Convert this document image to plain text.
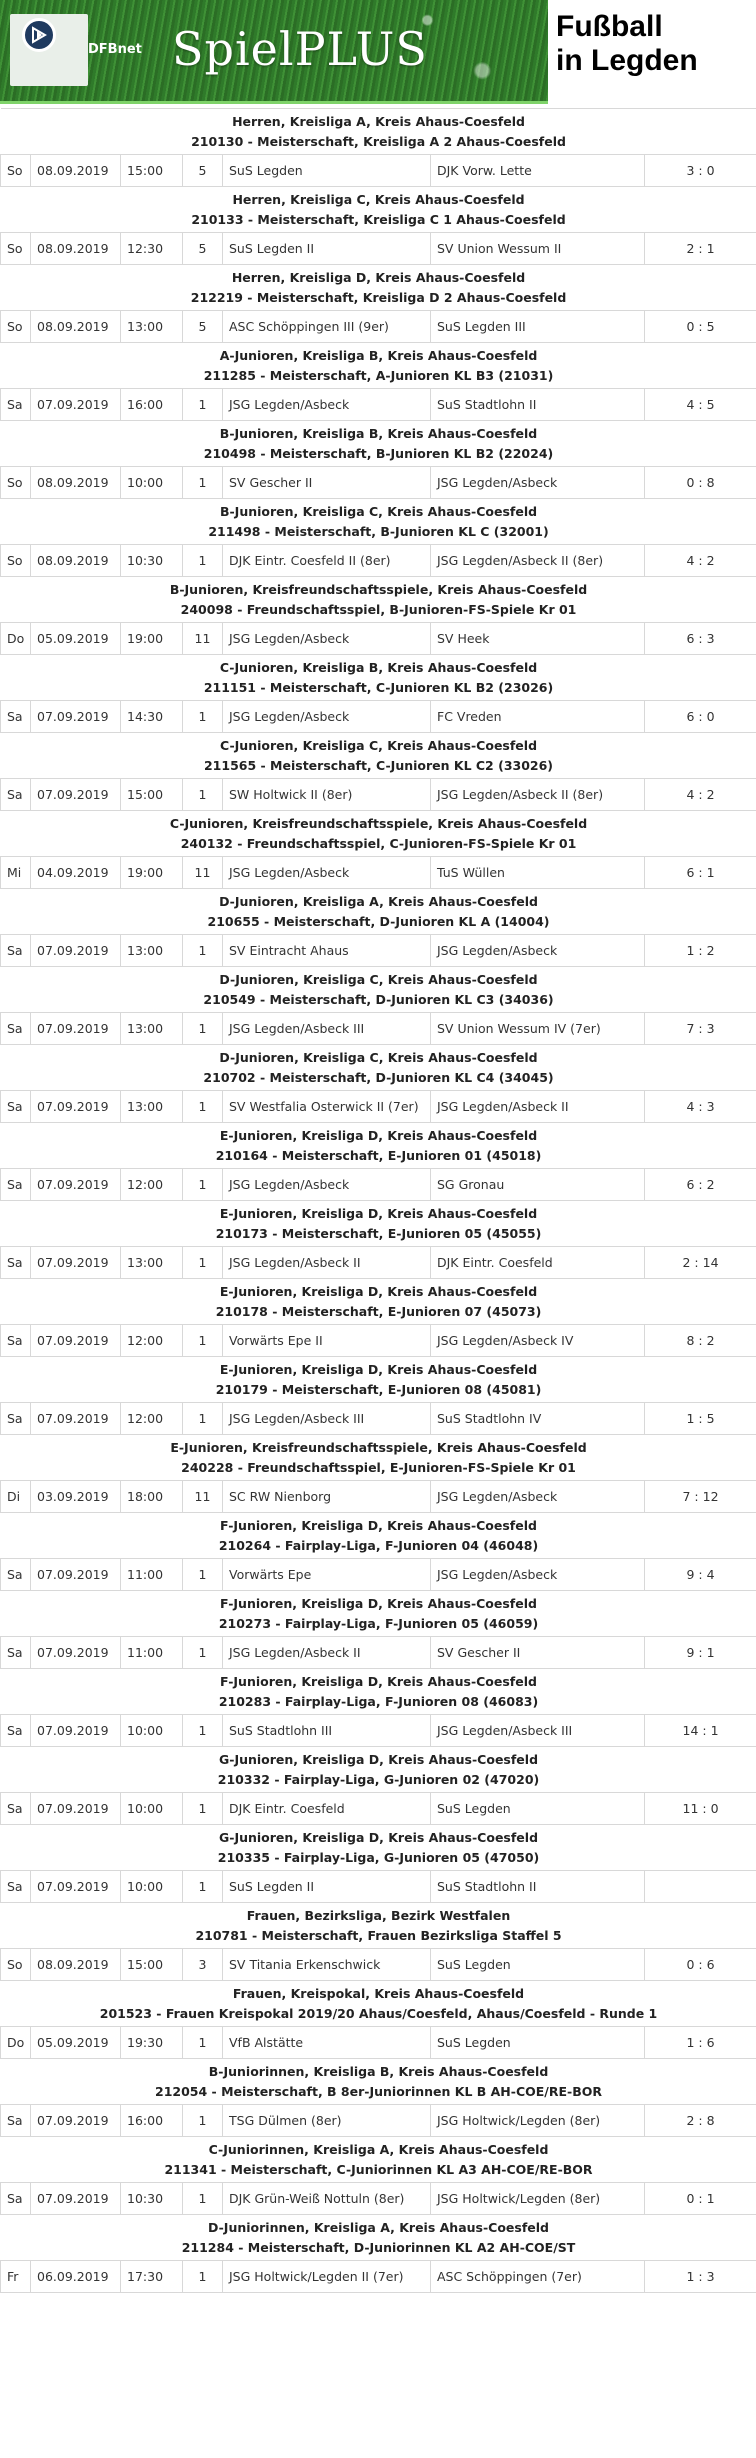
DFBnet SpielPLUS	Fußball
in Legden
Herren, Kreisliga A, Kreis Ahaus-Coesfeld
210130 - Meisterschaft, Kreisliga A 2 Ahaus-Coesfeld						

So	08.09.2019	15:00	5	SuS Legden	DJK Vorw. Lette	3 : 0

Herren, Kreisliga C, Kreis Ahaus-Coesfeld
210133 - Meisterschaft, Kreisliga C 1 Ahaus-Coesfeld						

So	08.09.2019	12:30	5	SuS Legden II	SV Union Wessum II	2 : 1

Herren, Kreisliga D, Kreis Ahaus-Coesfeld
212219 - Meisterschaft, Kreisliga D 2 Ahaus-Coesfeld						

So	08.09.2019	13:00	5	ASC Schöppingen III (9er)	SuS Legden III	0 : 5

A-Junioren, Kreisliga B, Kreis Ahaus-Coesfeld
211285 - Meisterschaft, A-Junioren KL B3 (21031)						

Sa	07.09.2019	16:00	1	JSG Legden/Asbeck	SuS Stadtlohn II	4 : 5

B-Junioren, Kreisliga B, Kreis Ahaus-Coesfeld
210498 - Meisterschaft, B-Junioren KL B2 (22024)						

So	08.09.2019	10:00	1	SV Gescher II	JSG Legden/Asbeck	0 : 8

B-Junioren, Kreisliga C, Kreis Ahaus-Coesfeld
211498 - Meisterschaft, B-Junioren KL C (32001)						

So	08.09.2019	10:30	1	DJK Eintr. Coesfeld II (8er)	JSG Legden/Asbeck II (8er)	4 : 2

B-Junioren, Kreisfreundschaftsspiele, Kreis Ahaus-Coesfeld
240098 - Freundschaftsspiel, B-Junioren-FS-Spiele Kr 01						

Do	05.09.2019	19:00	11	JSG Legden/Asbeck	SV Heek	6 : 3

C-Junioren, Kreisliga B, Kreis Ahaus-Coesfeld
211151 - Meisterschaft, C-Junioren KL B2 (23026)						

Sa	07.09.2019	14:30	1	JSG Legden/Asbeck	FC Vreden	6 : 0

C-Junioren, Kreisliga C, Kreis Ahaus-Coesfeld
211565 - Meisterschaft, C-Junioren KL C2 (33026)						

Sa	07.09.2019	15:00	1	SW Holtwick II (8er)	JSG Legden/Asbeck II (8er)	4 : 2

C-Junioren, Kreisfreundschaftsspiele, Kreis Ahaus-Coesfeld
240132 - Freundschaftsspiel, C-Junioren-FS-Spiele Kr 01						

Mi	04.09.2019	19:00	11	JSG Legden/Asbeck	TuS Wüllen	6 : 1

D-Junioren, Kreisliga A, Kreis Ahaus-Coesfeld
210655 - Meisterschaft, D-Junioren KL A (14004)						

Sa	07.09.2019	13:00	1	SV Eintracht Ahaus	JSG Legden/Asbeck	1 : 2

D-Junioren, Kreisliga C, Kreis Ahaus-Coesfeld
210549 - Meisterschaft, D-Junioren KL C3 (34036)						

Sa	07.09.2019	13:00	1	JSG Legden/Asbeck III	SV Union Wessum IV (7er)	7 : 3

D-Junioren, Kreisliga C, Kreis Ahaus-Coesfeld
210702 - Meisterschaft, D-Junioren KL C4 (34045)						

Sa	07.09.2019	13:00	1	SV Westfalia Osterwick II (7er)	JSG Legden/Asbeck II	4 : 3

E-Junioren, Kreisliga D, Kreis Ahaus-Coesfeld
210164 - Meisterschaft, E-Junioren 01 (45018)						

Sa	07.09.2019	12:00	1	JSG Legden/Asbeck	SG Gronau	6 : 2

E-Junioren, Kreisliga D, Kreis Ahaus-Coesfeld
210173 - Meisterschaft, E-Junioren 05 (45055)						

Sa	07.09.2019	13:00	1	JSG Legden/Asbeck II	DJK Eintr. Coesfeld	2 : 14

E-Junioren, Kreisliga D, Kreis Ahaus-Coesfeld
210178 - Meisterschaft, E-Junioren 07 (45073)						

Sa	07.09.2019	12:00	1	Vorwärts Epe II	JSG Legden/Asbeck IV	8 : 2

E-Junioren, Kreisliga D, Kreis Ahaus-Coesfeld
210179 - Meisterschaft, E-Junioren 08 (45081)						

Sa	07.09.2019	12:00	1	JSG Legden/Asbeck III	SuS Stadtlohn IV	1 : 5

E-Junioren, Kreisfreundschaftsspiele, Kreis Ahaus-Coesfeld
240228 - Freundschaftsspiel, E-Junioren-FS-Spiele Kr 01						

Di	03.09.2019	18:00	11	SC RW Nienborg	JSG Legden/Asbeck	7 : 12

F-Junioren, Kreisliga D, Kreis Ahaus-Coesfeld
210264 - Fairplay-Liga, F-Junioren 04 (46048)						

Sa	07.09.2019	11:00	1	Vorwärts Epe	JSG Legden/Asbeck	9 : 4

F-Junioren, Kreisliga D, Kreis Ahaus-Coesfeld
210273 - Fairplay-Liga, F-Junioren 05 (46059)						

Sa	07.09.2019	11:00	1	JSG Legden/Asbeck II	SV Gescher II	9 : 1

F-Junioren, Kreisliga D, Kreis Ahaus-Coesfeld
210283 - Fairplay-Liga, F-Junioren 08 (46083)						

Sa	07.09.2019	10:00	1	SuS Stadtlohn III	JSG Legden/Asbeck III	14 : 1

G-Junioren, Kreisliga D, Kreis Ahaus-Coesfeld
210332 - Fairplay-Liga, G-Junioren 02 (47020)						

Sa	07.09.2019	10:00	1	DJK Eintr. Coesfeld	SuS Legden	11 : 0

G-Junioren, Kreisliga D, Kreis Ahaus-Coesfeld
210335 - Fairplay-Liga, G-Junioren 05 (47050)						

Sa	07.09.2019	10:00	1	SuS Legden II	SuS Stadtlohn II	

Frauen, Bezirksliga, Bezirk Westfalen
210781 - Meisterschaft, Frauen Bezirksliga Staffel 5						

So	08.09.2019	15:00	3	SV Titania Erkenschwick	SuS Legden	0 : 6

Frauen, Kreispokal, Kreis Ahaus-Coesfeld
201523 - Frauen Kreispokal 2019/20 Ahaus/Coesfeld, Ahaus/Coesfeld - Runde 1						

Do	05.09.2019	19:30	1	VfB Alstätte	SuS Legden	1 : 6

B-Juniorinnen, Kreisliga B, Kreis Ahaus-Coesfeld
212054 - Meisterschaft, B 8er-Juniorinnen KL B AH-COE/RE-BOR						

Sa	07.09.2019	16:00	1	TSG Dülmen (8er)	JSG Holtwick/Legden (8er)	2 : 8

C-Juniorinnen, Kreisliga A, Kreis Ahaus-Coesfeld
211341 - Meisterschaft, C-Juniorinnen KL A3 AH-COE/RE-BOR						

Sa	07.09.2019	10:30	1	DJK Grün-Weiß Nottuln (8er)	JSG Holtwick/Legden (8er)	0 : 1

D-Juniorinnen, Kreisliga A, Kreis Ahaus-Coesfeld
211284 - Meisterschaft, D-Juniorinnen KL A2 AH-COE/ST						

Fr	06.09.2019	17:30	1	JSG Holtwick/Legden II (7er)	ASC Schöppingen (7er)	1 : 3
